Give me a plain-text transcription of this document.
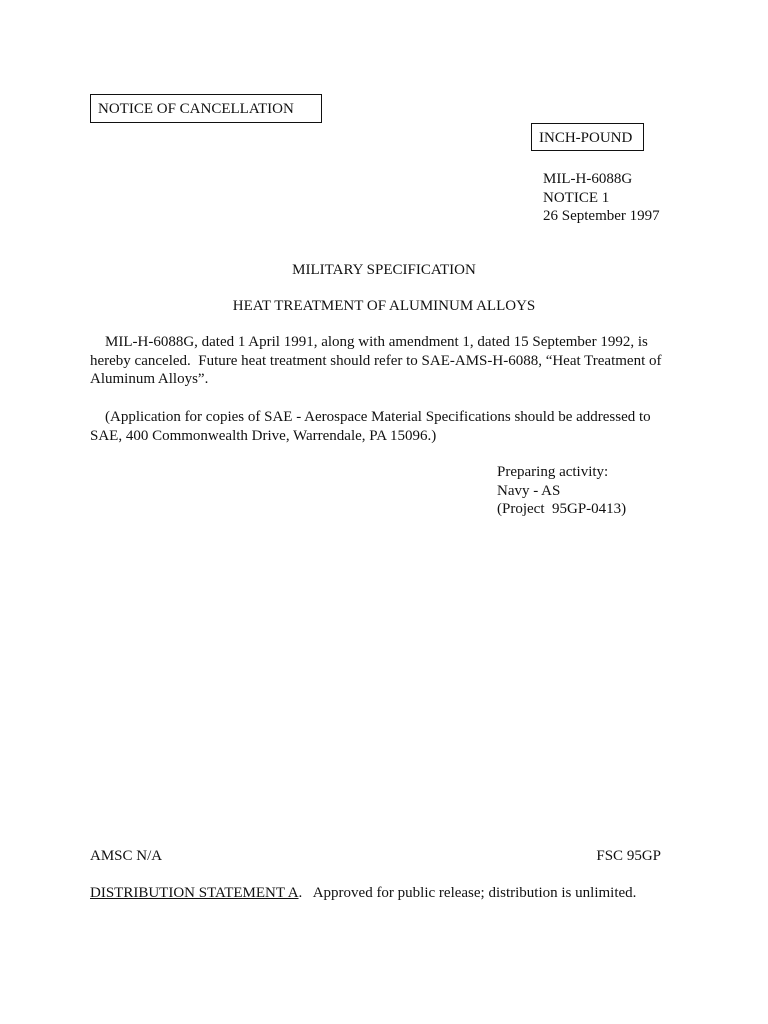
NOTICE OF CANCELLATION
INCH-POUND
MIL-H-6088G
NOTICE 1
26 September 1997
MILITARY SPECIFICATION
HEAT TREATMENT OF ALUMINUM ALLOYS
MIL-H-6088G, dated 1 April 1991, along with amendment 1, dated 15 September 1992, is
hereby canceled.  Future heat treatment should refer to SAE-AMS-H-6088, “Heat Treatment of
Aluminum Alloys”.
(Application for copies of SAE - Aerospace Material Specifications should be addressed to
SAE, 400 Commonwealth Drive, Warrendale, PA 15096.)
Preparing activity:
Navy - AS
(Project  95GP-0413)
AMSC N/A	FSC 95GP
DISTRIBUTION STATEMENT A.   Approved for public release; distribution is unlimited.
